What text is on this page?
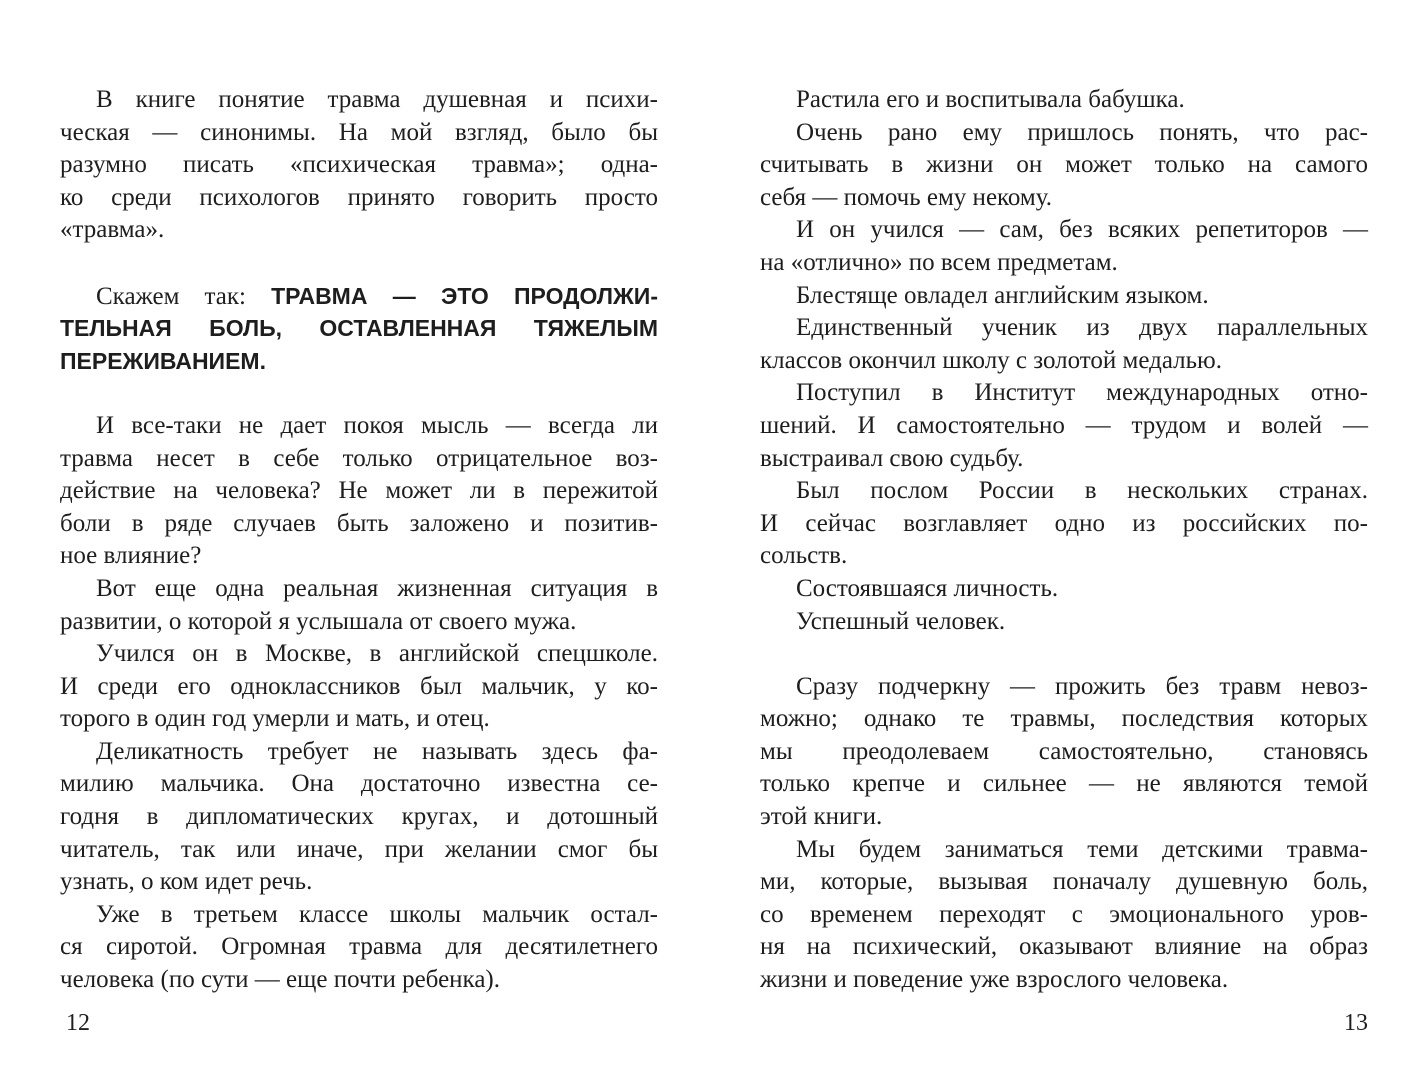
В книге понятие травма душевная и психи-
ческая — синонимы. На мой взгляд, было бы
разумно писать «психическая травма»; одна-
ко среди психологов принято говорить просто
«травма».

Скажем так: ТРАВМА — ЭТО ПРОДОЛЖИ-
ТЕЛЬНАЯ БОЛЬ, ОСТАВЛЕННАЯ ТЯЖЕЛЫМ
ПЕРЕЖИВАНИЕМ.

И все-таки не дает покоя мысль — всегда ли
травма несет в себе только отрицательное воз-
действие на человека? Не может ли в пережитой
боли в ряде случаев быть заложено и позитив-
ное влияние?
Вот еще одна реальная жизненная ситуация в
развитии, о которой я услышала от своего мужа.
Учился он в Москве, в английской спецшколе.
И среди его одноклассников был мальчик, у ко-
торого в один год умерли и мать, и отец.
Деликатность требует не называть здесь фа-
милию мальчика. Она достаточно известна се-
годня в дипломатических кругах, и дотошный
читатель, так или иначе, при желании смог бы
узнать, о ком идет речь.
Уже в третьем классе школы мальчик остал-
ся сиротой. Огромная травма для десятилетнего
человека (по сути — еще почти ребенка).
Растила его и воспитывала бабушка.
Очень рано ему пришлось понять, что рас-
считывать в жизни он может только на самого
себя — помочь ему некому.
И он учился — сам, без всяких репетиторов —
на «отлично» по всем предметам.
Блестяще овладел английским языком.
Единственный ученик из двух параллельных
классов окончил школу с золотой медалью.
Поступил в Институт международных отно-
шений. И самостоятельно — трудом и волей —
выстраивал свою судьбу.
Был послом России в нескольких странах.
И сейчас возглавляет одно из российских по-
сольств.
Состоявшаяся личность.
Успешный человек.

Сразу подчеркну — прожить без травм невоз-
можно; однако те травмы, последствия которых
мы преодолеваем самостоятельно, становясь
только крепче и сильнее — не являются темой
этой книги.
Мы будем заниматься теми детскими травма-
ми, которые, вызывая поначалу душевную боль,
со временем переходят с эмоционального уров-
ня на психический, оказывают влияние на образ
жизни и поведение уже взрослого человека.
12	13
